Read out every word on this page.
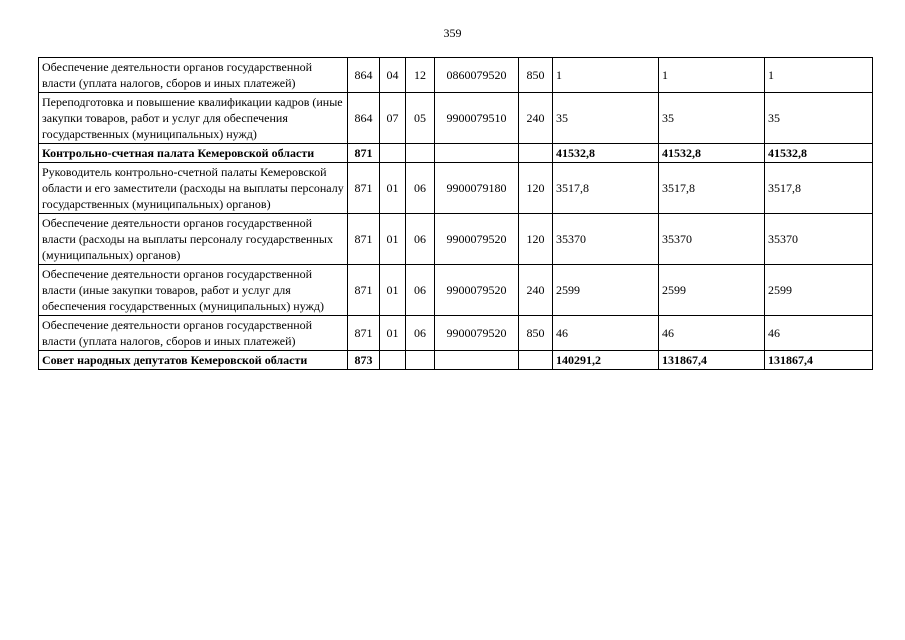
359
Обеспечение деятельности органов государственной власти (уплата налогов, сборов и иных платежей)	864	04	12	0860079520	850	1	1	1
Переподготовка и повышение квалификации кадров (иные закупки товаров, работ и услуг для обеспечения государственных (муниципальных) нужд)	864	07	05	9900079510	240	35	35	35
Контрольно-счетная палата Кемеровской области	871					41532,8	41532,8	41532,8
Руководитель контрольно-счетной палаты Кемеровской области и его заместители (расходы на выплаты персоналу государственных (муниципальных) органов)	871	01	06	9900079180	120	3517,8	3517,8	3517,8
Обеспечение деятельности органов государственной власти (расходы на выплаты персоналу государственных (муниципальных) органов)	871	01	06	9900079520	120	35370	35370	35370
Обеспечение деятельности органов государственной власти (иные закупки товаров, работ и услуг для обеспечения государственных (муниципальных) нужд)	871	01	06	9900079520	240	2599	2599	2599
Обеспечение деятельности органов государственной власти (уплата налогов, сборов и иных платежей)	871	01	06	9900079520	850	46	46	46
Совет народных депутатов Кемеровской области	873					140291,2	131867,4	131867,4
